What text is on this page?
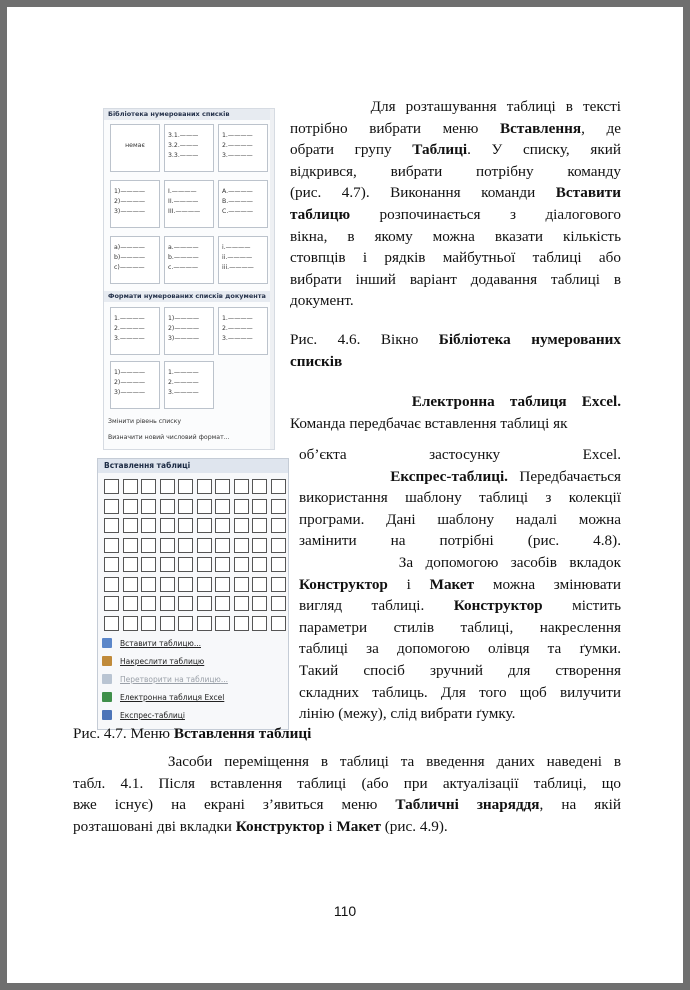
Бібліотека нумерованих списків
немає
3.1.———
3.2.———
3.3.———
1.————
2.————
3.————
1)————
2)————
3)————
I.————
II.————
III.————
A.————
B.————
C.————
a)————
b)————
c)————
a.————
b.————
c.————
i.————
ii.————
iii.————
1.————
2.————
3.————
1)————
2)————
3)————
1.————
2.————
3.————
1)————
2)————
3)————
1.————
2.————
3.————
Формати нумерованих списків документа
Змінити рівень списку
Визначити новий числовий формат...
Для розташування таблиці в тексті
потрібно вибрати меню Вставлення, де
обрати групу Таблиці. У списку, який
відкрився, вибрати потрібну команду
(рис. 4.7). Виконання команди Вставити
таблицю розпочинається з діалогового
вікна, в якому можна вказати кількість
стовпців і рядків майбутньої таблиці або
вибрати інший варіант додавання таблиці в
документ.
Рис. 4.6. Вікно Бібліотека нумерованих
списків
Електронна таблиця Excel.
Команда передбачає вставлення таблиці як
Вставлення таблиці
Вставити таблицю...
Накреслити таблицю
Перетворити на таблицю...
Електронна таблиця Excel
Експрес-таблиці
об’єкта застосунку Excel.
Експрес-таблиці. Передбачається
використання шаблону таблиці з колекції
програми. Дані шаблону надалі можна
замінити на потрібні (рис. 4.8).
За допомогою засобів вкладок
Конструктор і Макет можна змінювати
вигляд таблиці. Конструктор містить
параметри стилів таблиці, накреслення
таблиці за допомогою олівця та ґумки.
Такий спосіб зручний для створення
складних таблиць. Для того щоб вилучити
лінію (межу), слід вибрати ґумку.
Рис. 4.7. Меню Вставлення таблиці
Засоби переміщення в таблиці та введення даних наведені в
табл. 4.1. Після вставлення таблиці (або при актуалізації таблиці, що
вже існує) на екрані з’явиться меню Табличні знаряддя, на якій
розташовані дві вкладки Конструктор і Макет (рис. 4.9).
110
